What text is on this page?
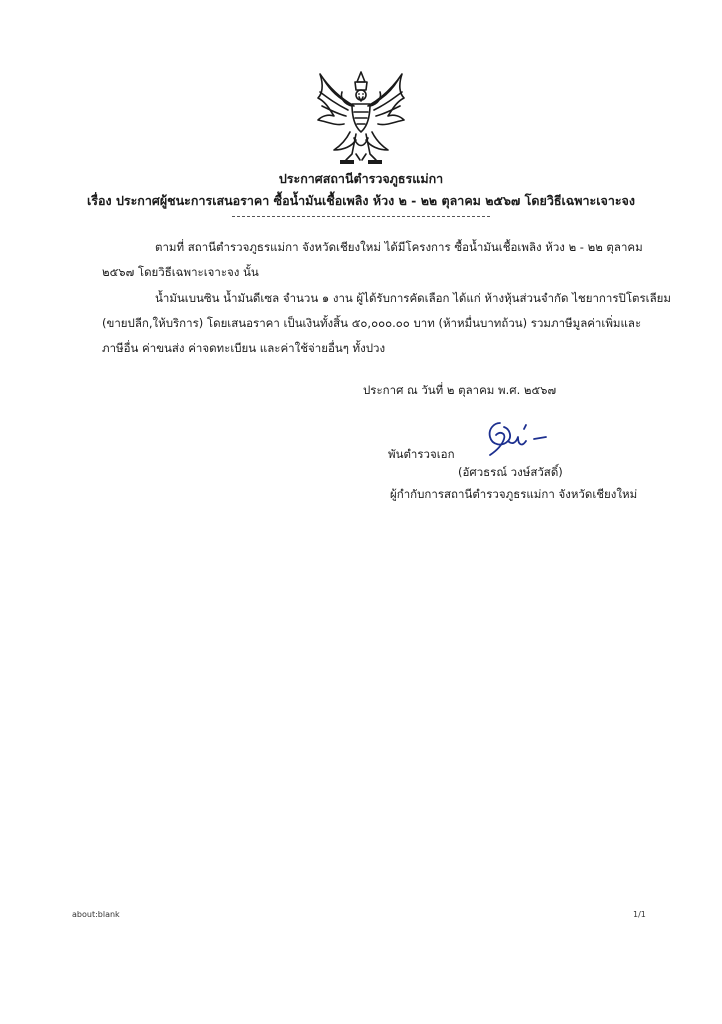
ประกาศสถานีตำรวจภูธรแม่กา
เรื่อง ประกาศผู้ชนะการเสนอราคา ซื้อน้ำมันเชื้อเพลิง ห้วง ๒ - ๒๒ ตุลาคม ๒๕๖๗ โดยวิธีเฉพาะเจาะจง
ตามที่ สถานีตำรวจภูธรแม่กา จังหวัดเชียงใหม่ ได้มีโครงการ ซื้อน้ำมันเชื้อเพลิง ห้วง ๒ - ๒๒ ตุลาคม
๒๕๖๗ โดยวิธีเฉพาะเจาะจง นั้น
น้ำมันเบนซิน น้ำมันดีเซล จำนวน ๑ งาน ผู้ได้รับการคัดเลือก ได้แก่ ห้างหุ้นส่วนจำกัด ไชยาการปิโตรเลียม
(ขายปลีก,ให้บริการ) โดยเสนอราคา เป็นเงินทั้งสิ้น ๕๐,๐๐๐.๐๐ บาท (ห้าหมื่นบาทถ้วน) รวมภาษีมูลค่าเพิ่มและ
ภาษีอื่น ค่าขนส่ง ค่าจดทะเบียน และค่าใช้จ่ายอื่นๆ ทั้งปวง
ประกาศ ณ วันที่ ๒ ตุลาคม พ.ศ. ๒๕๖๗
พันตำรวจเอก
(อัศวธรณ์ วงษ์สวัสดิ์)
ผู้กำกับการสถานีตำรวจภูธรแม่กา จังหวัดเชียงใหม่
about:blank	1/1
